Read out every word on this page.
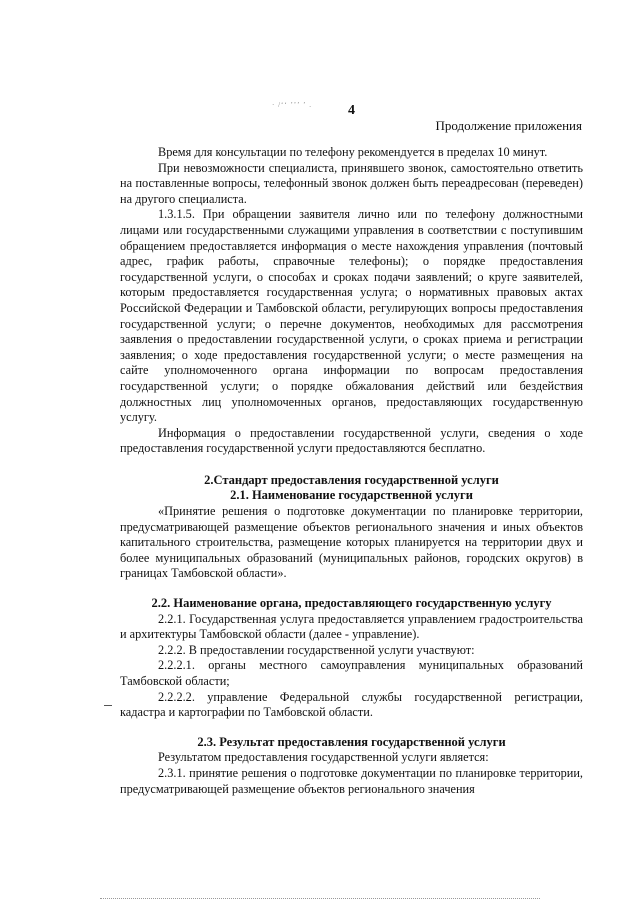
· /ʻʻ ʼʼʼ ʼ .	4
Продолжение приложения

Время для консультации по телефону рекомендуется в пределах 10 минут.

При невозможности специалиста, принявшего звонок, самостоятельно ответить на поставленные вопросы, телефонный звонок должен быть переадресован (переведен) на другого специалиста.

1.3.1.5. При обращении заявителя лично или по телефону должностными лицами или государственными служащими управления в соответствии с поступившим обращением предоставляется информация о месте нахождения управления (почтовый адрес, график работы, справочные телефоны); о порядке предоставления государственной услуги, о способах и сроках подачи заявлений; о круге заявителей, которым предоставляется государственная услуга; о нормативных правовых актах Российской Федерации и Тамбовской области, регулирующих вопросы предоставления государственной услуги; о перечне документов, необходимых для рассмотрения заявления о предоставлении государственной услуги, о сроках приема и регистрации заявления; о ходе предоставления государственной услуги; о месте размещения на сайте уполномоченного органа информации по вопросам предоставления государственной услуги; о порядке обжалования действий или бездействия должностных лиц уполномоченных органов, предоставляющих государственную услугу.

Информация о предоставлении государственной услуги, сведения о ходе предоставления государственной услуги предоставляются бесплатно.

2.Стандарт предоставления государственной услуги

2.1. Наименование государственной услуги

«Принятие решения о подготовке документации по планировке территории, предусматривающей размещение объектов регионального значения и иных объектов капитального строительства, размещение которых планируется на территории двух и более муниципальных образований (муниципальных районов, городских округов) в границах Тамбовской области».

2.2. Наименование органа, предоставляющего государственную услугу

2.2.1. Государственная услуга предоставляется управлением градостроительства и архитектуры Тамбовской области (далее - управление).

2.2.2. В предоставлении государственной услуги участвуют:

2.2.2.1. органы местного самоуправления муниципальных образований Тамбовской области;

2.2.2.2. управление Федеральной службы государственной регистрации, кадастра и картографии по Тамбовской области.

2.3. Результат предоставления государственной услуги

Результатом предоставления государственной услуги является:

2.3.1. принятие решения о подготовке документации по планировке территории, предусматривающей размещение объектов регионального значения
